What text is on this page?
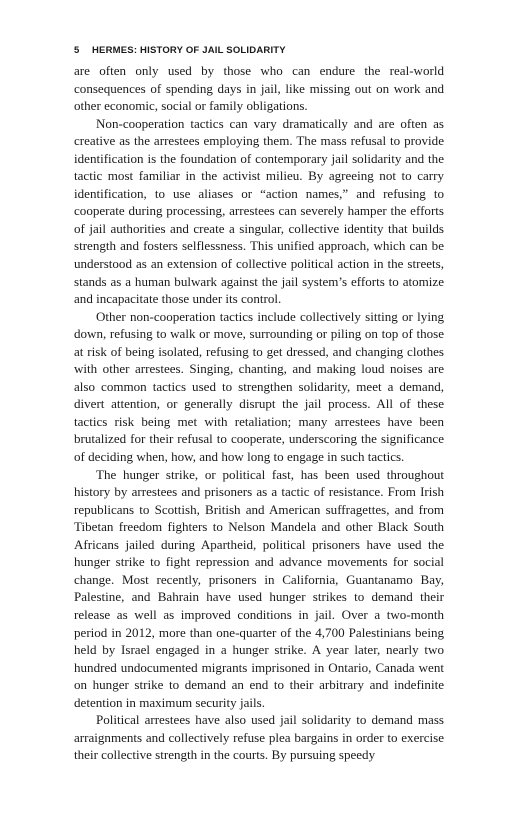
5 HERMES: HISTORY OF JAIL SOLIDARITY

are often only used by those who can endure the real-world consequences of spending days in jail, like missing out on work and other economic, social or family obligations.

Non-cooperation tactics can vary dramatically and are often as creative as the arrestees employing them. The mass refusal to provide identification is the foundation of contemporary jail solidarity and the tactic most familiar in the activist milieu. By agreeing not to carry identification, to use aliases or “action names,” and refusing to cooperate during processing, arrestees can severely hamper the efforts of jail authorities and create a singular, collective identity that builds strength and fosters selflessness. This unified approach, which can be understood as an extension of collective political action in the streets, stands as a human bulwark against the jail system’s efforts to atomize and incapacitate those under its control.

Other non-cooperation tactics include collectively sitting or lying down, refusing to walk or move, surrounding or piling on top of those at risk of being isolated, refusing to get dressed, and changing clothes with other arrestees. Singing, chanting, and making loud noises are also common tactics used to strengthen solidarity, meet a demand, divert attention, or generally disrupt the jail process. All of these tactics risk being met with retaliation; many arrestees have been brutalized for their refusal to cooperate, underscoring the significance of deciding when, how, and how long to engage in such tactics.

The hunger strike, or political fast, has been used throughout history by arrestees and prisoners as a tactic of resistance. From Irish republicans to Scottish, British and American suffragettes, and from Tibetan freedom fighters to Nelson Mandela and other Black South Africans jailed during Apartheid, political prisoners have used the hunger strike to fight repression and advance movements for social change. Most recently, prisoners in California, Guantanamo Bay, Palestine, and Bahrain have used hunger strikes to demand their release as well as improved conditions in jail. Over a two-month period in 2012, more than one-quarter of the 4,700 Palestinians being held by Israel engaged in a hunger strike. A year later, nearly two hundred undocumented migrants imprisoned in Ontario, Canada went on hunger strike to demand an end to their arbitrary and indefinite detention in maximum security jails.

Political arrestees have also used jail solidarity to demand mass arraignments and collectively refuse plea bargains in order to exercise their collective strength in the courts. By pursuing speedy
